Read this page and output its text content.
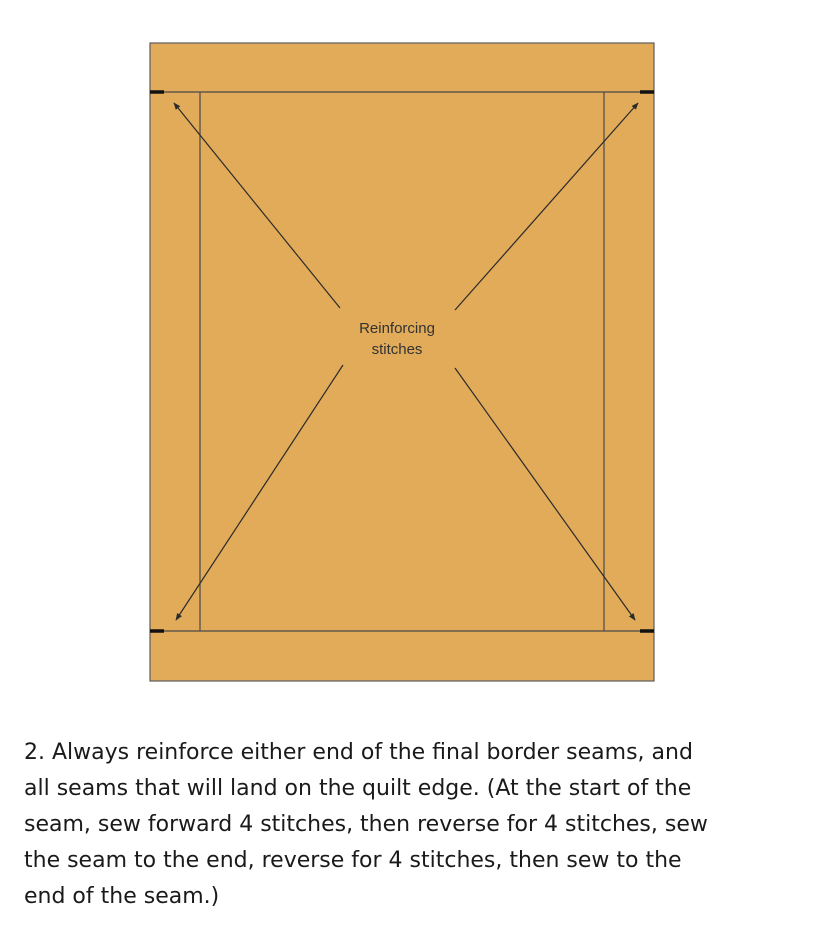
Reinforcing
stitches

2. Always reinforce either end of the final border seams, and
all seams that will land on the quilt edge. (At the start of the
seam, sew forward 4 stitches, then reverse for 4 stitches, sew
the seam to the end, reverse for 4 stitches, then sew to the
end of the seam.)
